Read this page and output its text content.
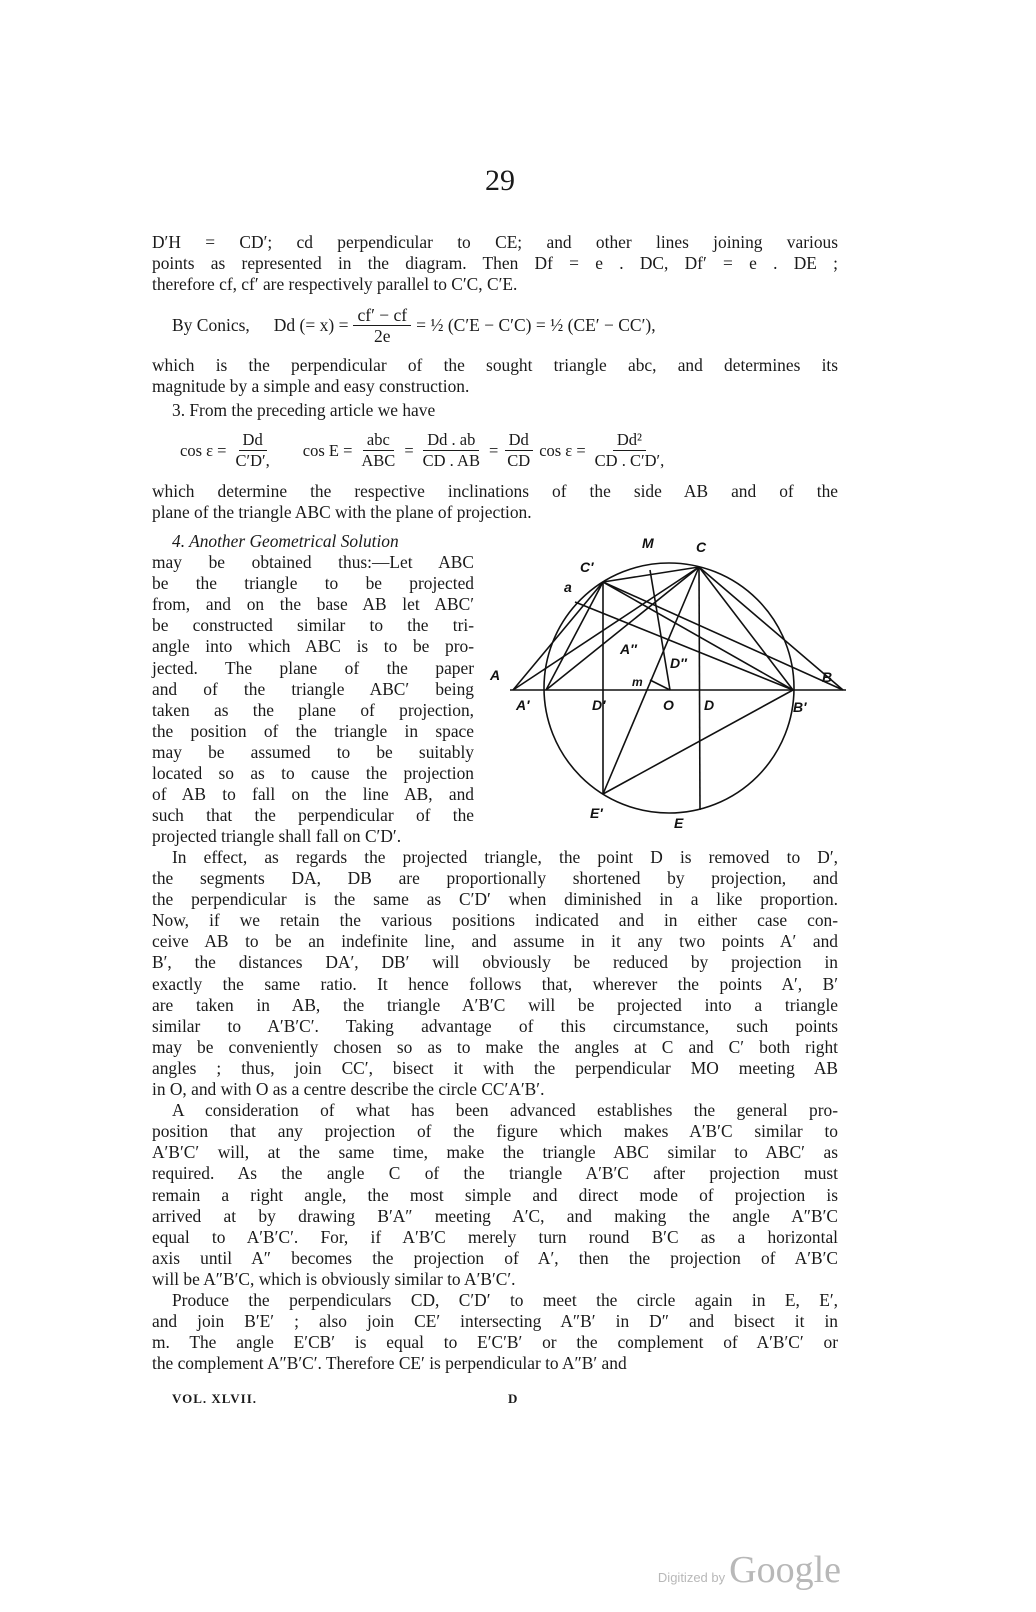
29
D′H = CD′; cd perpendicular to CE; and other lines joining various
points as represented in the diagram. Then Df = e . DC, Df′ = e . DE ;
therefore cf, cf′ are respectively parallel to C′C, C′E.
By Conics, Dd (= $x) = \frac{cf' - cf}{2e}$ = ½ (C′E − C′C) = ½ (CE′ − CC′),
which is the perpendicular of the sought triangle abc, and determines its
magnitude by a simple and easy construction.
3. From the preceding article we have
$\cos \varepsilon = \frac{Dd}{C'D',}$ $\cos E = \frac{\text{abc}}{\text{ABC}} = \frac{Dd . ab}{CD . AB} = \frac{Dd}{CD}$ $\cos \varepsilon = \frac{\text{Dd²}}{CD . C'D',}$
which determine the respective inclinations of the side AB and of the
plane of the triangle ABC with the plane of projection.
4. Another Geometrical Solution
may be obtained thus:—Let ABC
be the triangle to be projected
from, and on the base AB let ABC′
be constructed similar to the tri-
angle into which ABC is to be pro-
jected. The plane of the paper
and of the triangle ABC′ being
taken as the plane of projection,
the position of the triangle in space
may be assumed to be suitably
located so as to cause the projection
of AB to fall on the line AB, and
such that the perpendicular of the
projected triangle shall fall on C′D′.
A
A′	D′	O D	B′
B
M	C
C′
a
A″
D″
m
E′
E
In effect, as regards the projected triangle, the point D is removed to D′,
the segments DA, DB are proportionally shortened by projection, and
the perpendicular is the same as C′D′ when diminished in a like proportion.
Now, if we retain the various positions indicated and in either case con-
ceive AB to be an indefinite line, and assume in it any two points A′ and
B′, the distances DA′, DB′ will obviously be reduced by projection in
exactly the same ratio. It hence follows that, wherever the points A′, B′
are taken in AB, the triangle A′B′C will be projected into a triangle
similar to A′B′C′. Taking advantage of this circumstance, such points
may be conveniently chosen so as to make the angles at C and C′ both right
angles ; thus, join CC′, bisect it with the perpendicular MO meeting AB
in O, and with O as a centre describe the circle CC′A′B′.
A consideration of what has been advanced establishes the general pro-
position that any projection of the figure which makes A′B′C similar to
A′B′C′ will, at the same time, make the triangle ABC similar to ABC′ as
required. As the angle C of the triangle A′B′C after projection must
remain a right angle, the most simple and direct mode of projection is
arrived at by drawing B′A″ meeting A′C, and making the angle A″B′C
equal to A′B′C′. For, if A′B′C merely turn round B′C as a horizontal
axis until A″ becomes the projection of A′, then the projection of A′B′C
will be A″B′C, which is obviously similar to A′B′C′.
Produce the perpendiculars CD, C′D′ to meet the circle again in E, E′,
and join B′E′ ; also join CE′ intersecting A″B′ in D″ and bisect it in
m. The angle E′CB′ is equal to E′C′B′ or the complement of A′B′C′ or
the complement A″B′C′. Therefore CE′ is perpendicular to A″B′ and
VOL. XLVII.	D
Digitized by Google
